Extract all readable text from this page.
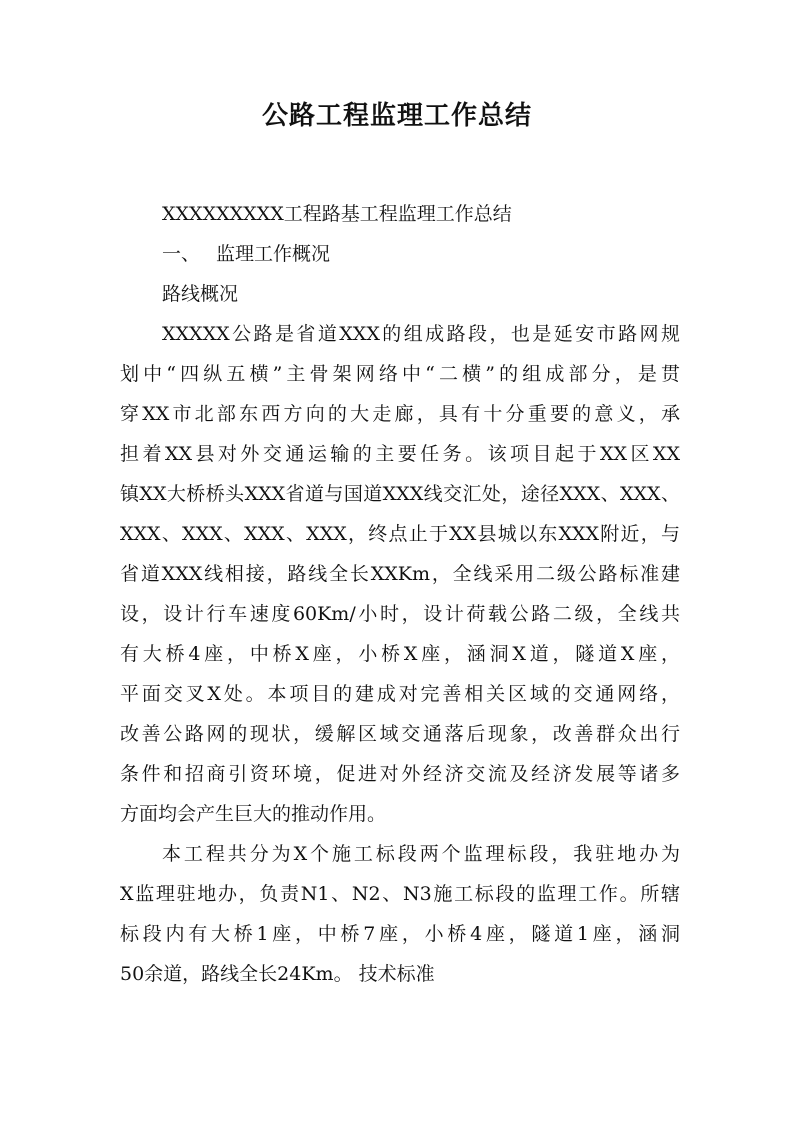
公路工程监理工作总结
XXXXXXXXX工程路基工程监理工作总结
一、 监理工作概况
路线概况
XXXXX公路是省道XXX的组成路段，也是延安市路网规
划中“四纵五横”主骨架网络中“二横”的组成部分，是贯
穿XX市北部东西方向的大走廊，具有十分重要的意义，承
担着XX县对外交通运输的主要任务。该项目起于XX区XX
镇XX大桥桥头XXX省道与国道XXX线交汇处，途径XXX、XXX、
XXX、XXX、XXX、XXX，终点止于XX县城以东XXX附近，与
省道XXX线相接，路线全长XXKm，全线采用二级公路标准建
设，设计行车速度60Km/小时，设计荷载公路二级，全线共
有大桥4座，中桥X座，小桥X座，涵洞X道，隧道X座，
平面交叉X处。本项目的建成对完善相关区域的交通网络，
改善公路网的现状，缓解区域交通落后现象，改善群众出行
条件和招商引资环境，促进对外经济交流及经济发展等诸多
方面均会产生巨大的推动作用。
本工程共分为X个施工标段两个监理标段，我驻地办为
X监理驻地办，负责N1、N2、N3施工标段的监理工作。所辖
标段内有大桥1座，中桥7座，小桥4座，隧道1座，涵洞
50余道，路线全长24Km。 技术标准
